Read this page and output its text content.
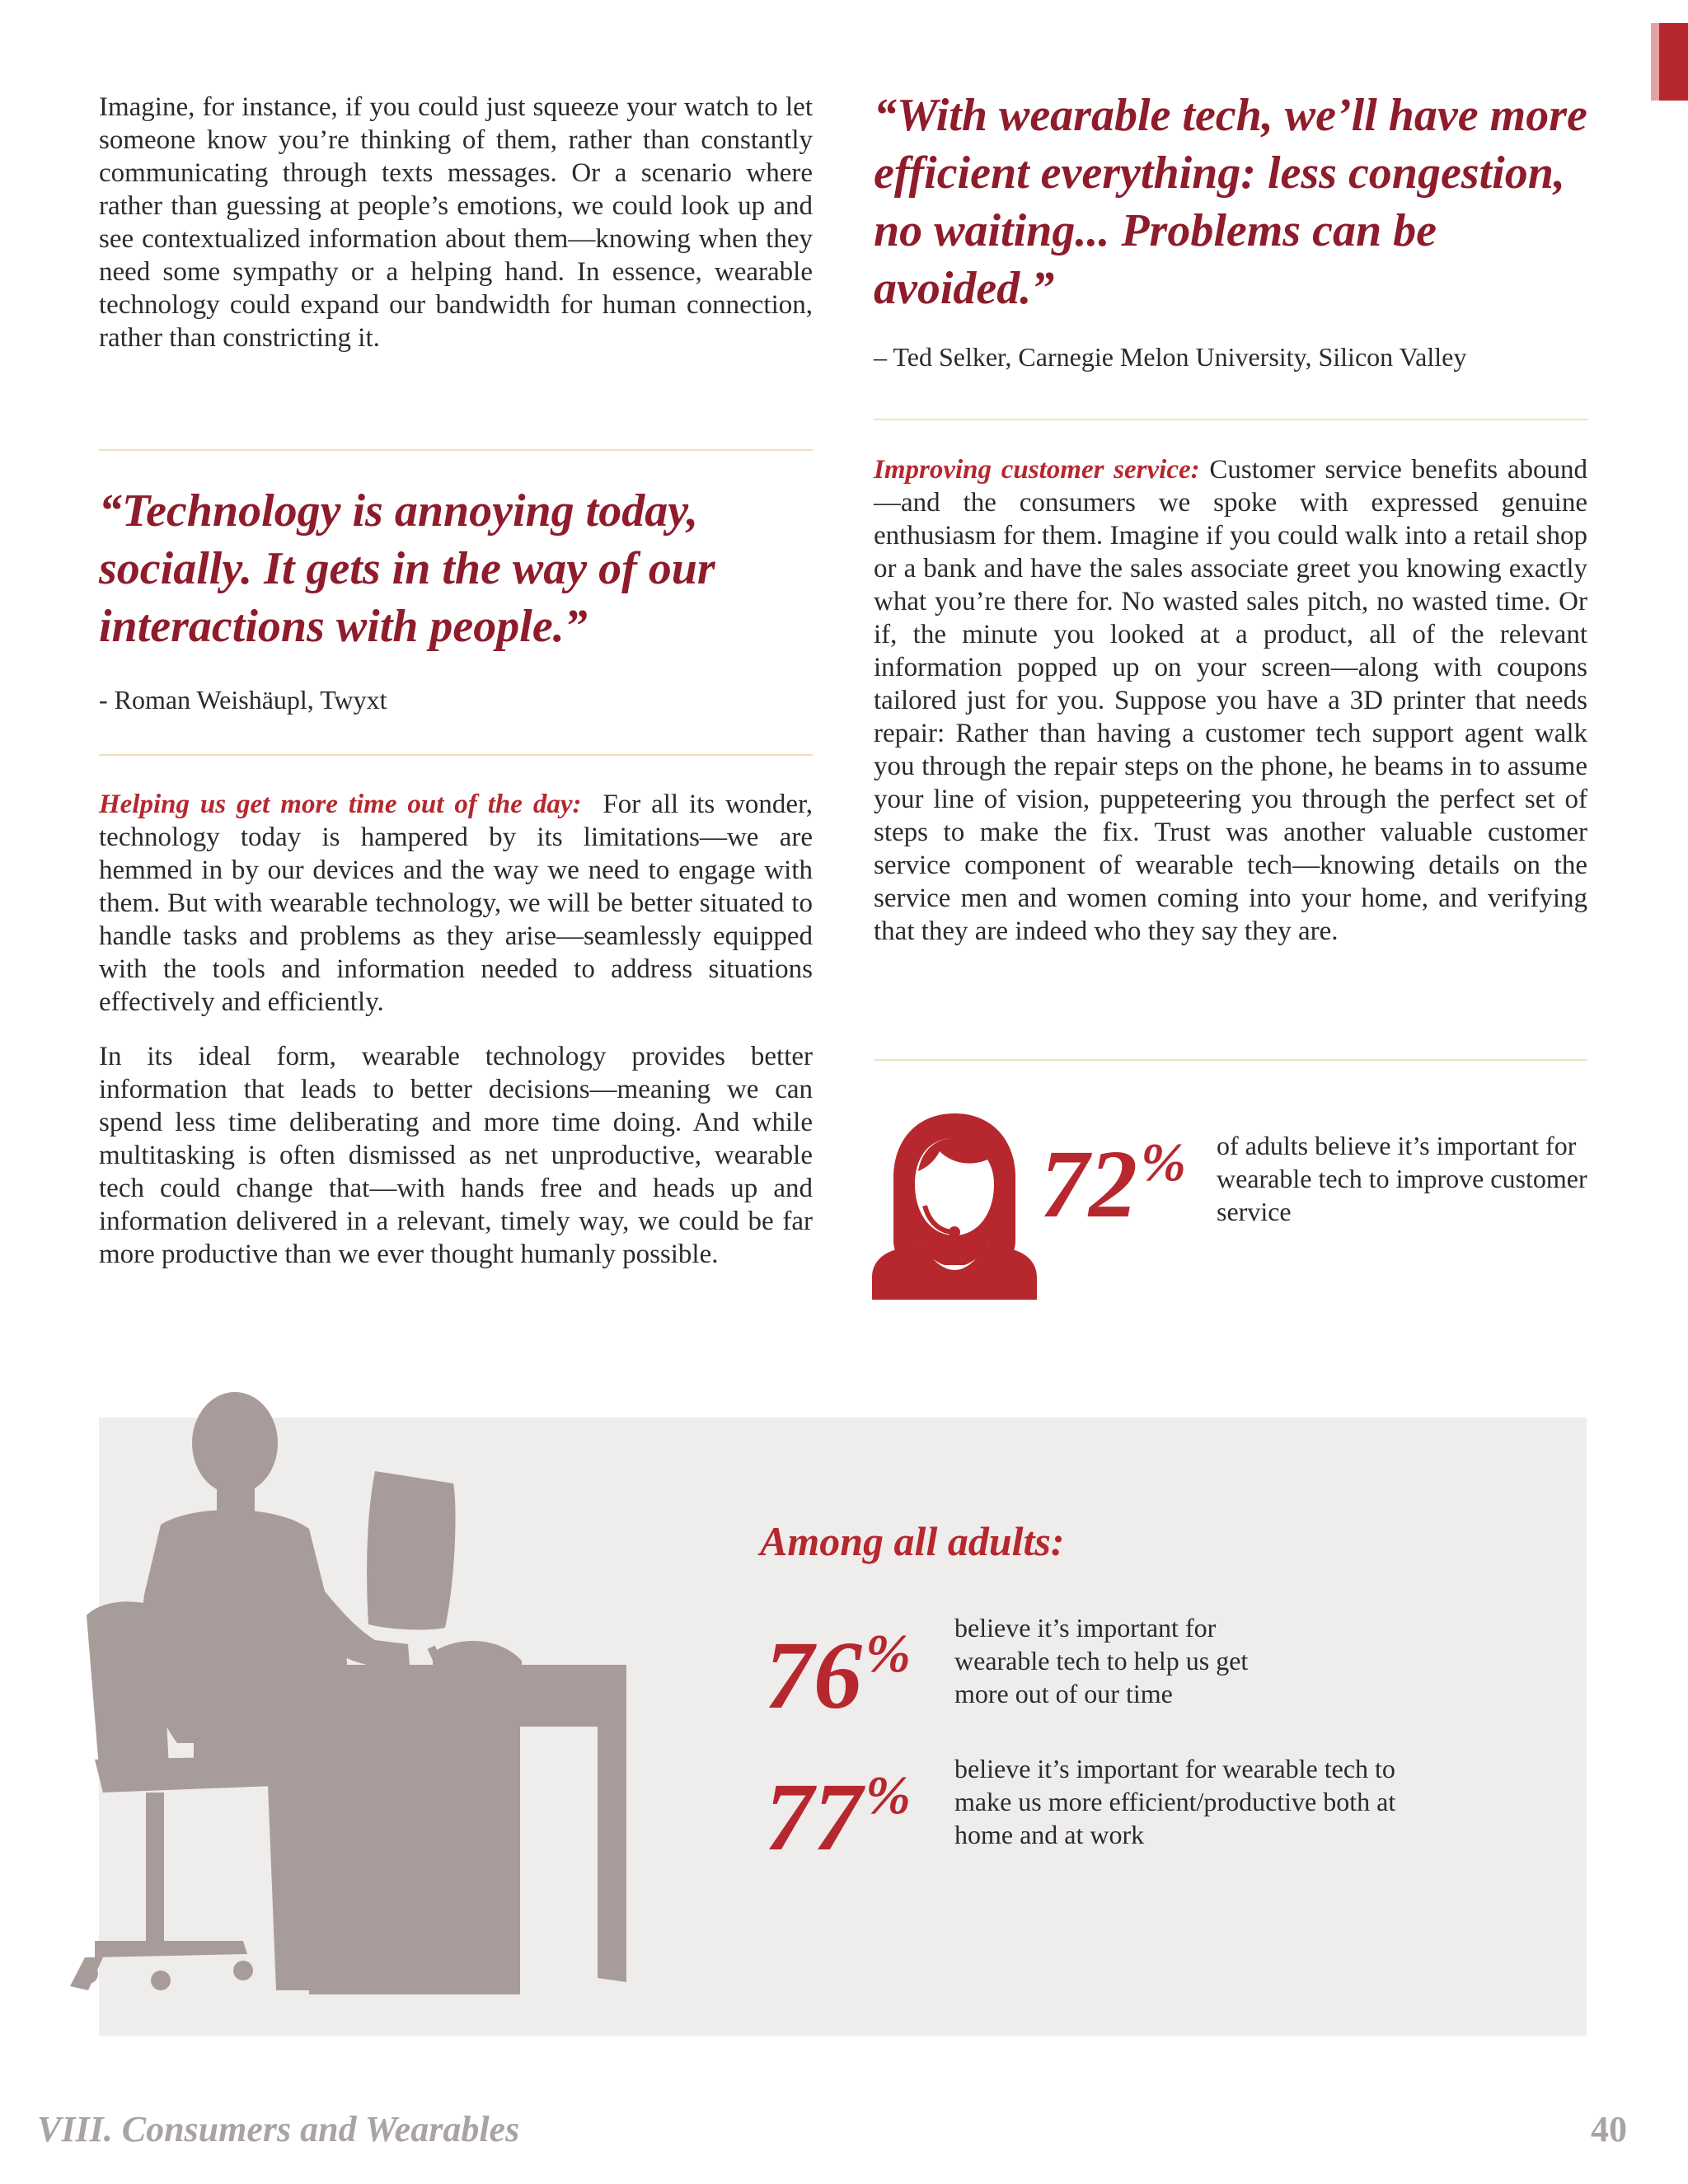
Imagine, for instance, if you could just squeeze your watch to let someone know you’re thinking of them, rather than constantly communicating through texts messages. Or a scenario where rather than guessing at people’s emotions, we could look up and see contextualized information about them—knowing when they need some sympathy or a helping hand. In essence, wearable technology could expand our bandwidth for human connection, rather than constricting it.

“Technology is annoying today, socially. It gets in the way of our interactions with people.”

- Roman Weishäupl, Twyxt

Helping us get more time out of the day: For all its wonder, technology today is hampered by its limitations—we are hemmed in by our devices and the way we need to engage with them. But with wearable technology, we will be better situated to handle tasks and problems as they arise—seamlessly equipped with the tools and information needed to address situations effectively and efficiently.

In its ideal form, wearable technology provides better information that leads to better decisions—meaning we can spend less time deliberating and more time doing. And while multitasking is often dismissed as net unproductive, wearable tech could change that—with hands free and heads up and information delivered in a relevant, timely way, we could be far more productive than we ever thought humanly possible.

“With wearable tech, we’ll have more efficient everything: less congestion, no waiting... Problems can be avoided.”

– Ted Selker, Carnegie Melon University, Silicon Valley

Improving customer service: Customer service benefits abound—and the consumers we spoke with expressed genuine enthusiasm for them. Imagine if you could walk into a retail shop or a bank and have the sales associate greet you knowing exactly what you’re there for. No wasted sales pitch, no wasted time. Or if, the minute you looked at a product, all of the relevant information popped up on your screen—along with coupons tailored just for you. Suppose you have a 3D printer that needs repair: Rather than having a customer tech support agent walk you through the repair steps on the phone, he beams in to assume your line of vision, puppeteering you through the perfect set of steps to make the fix. Trust was another valuable customer service component of wearable tech—knowing details on the service men and women coming into your home, and verifying that they are indeed who they say they are.

72% of adults believe it’s important for wearable tech to improve customer service
Among all adults:
76% believe it’s important for wearable tech to help us get more out of our time
77% believe it’s important for wearable tech to make us more efficient/productive both at home and at work
VIII. Consumers and Wearables	40
